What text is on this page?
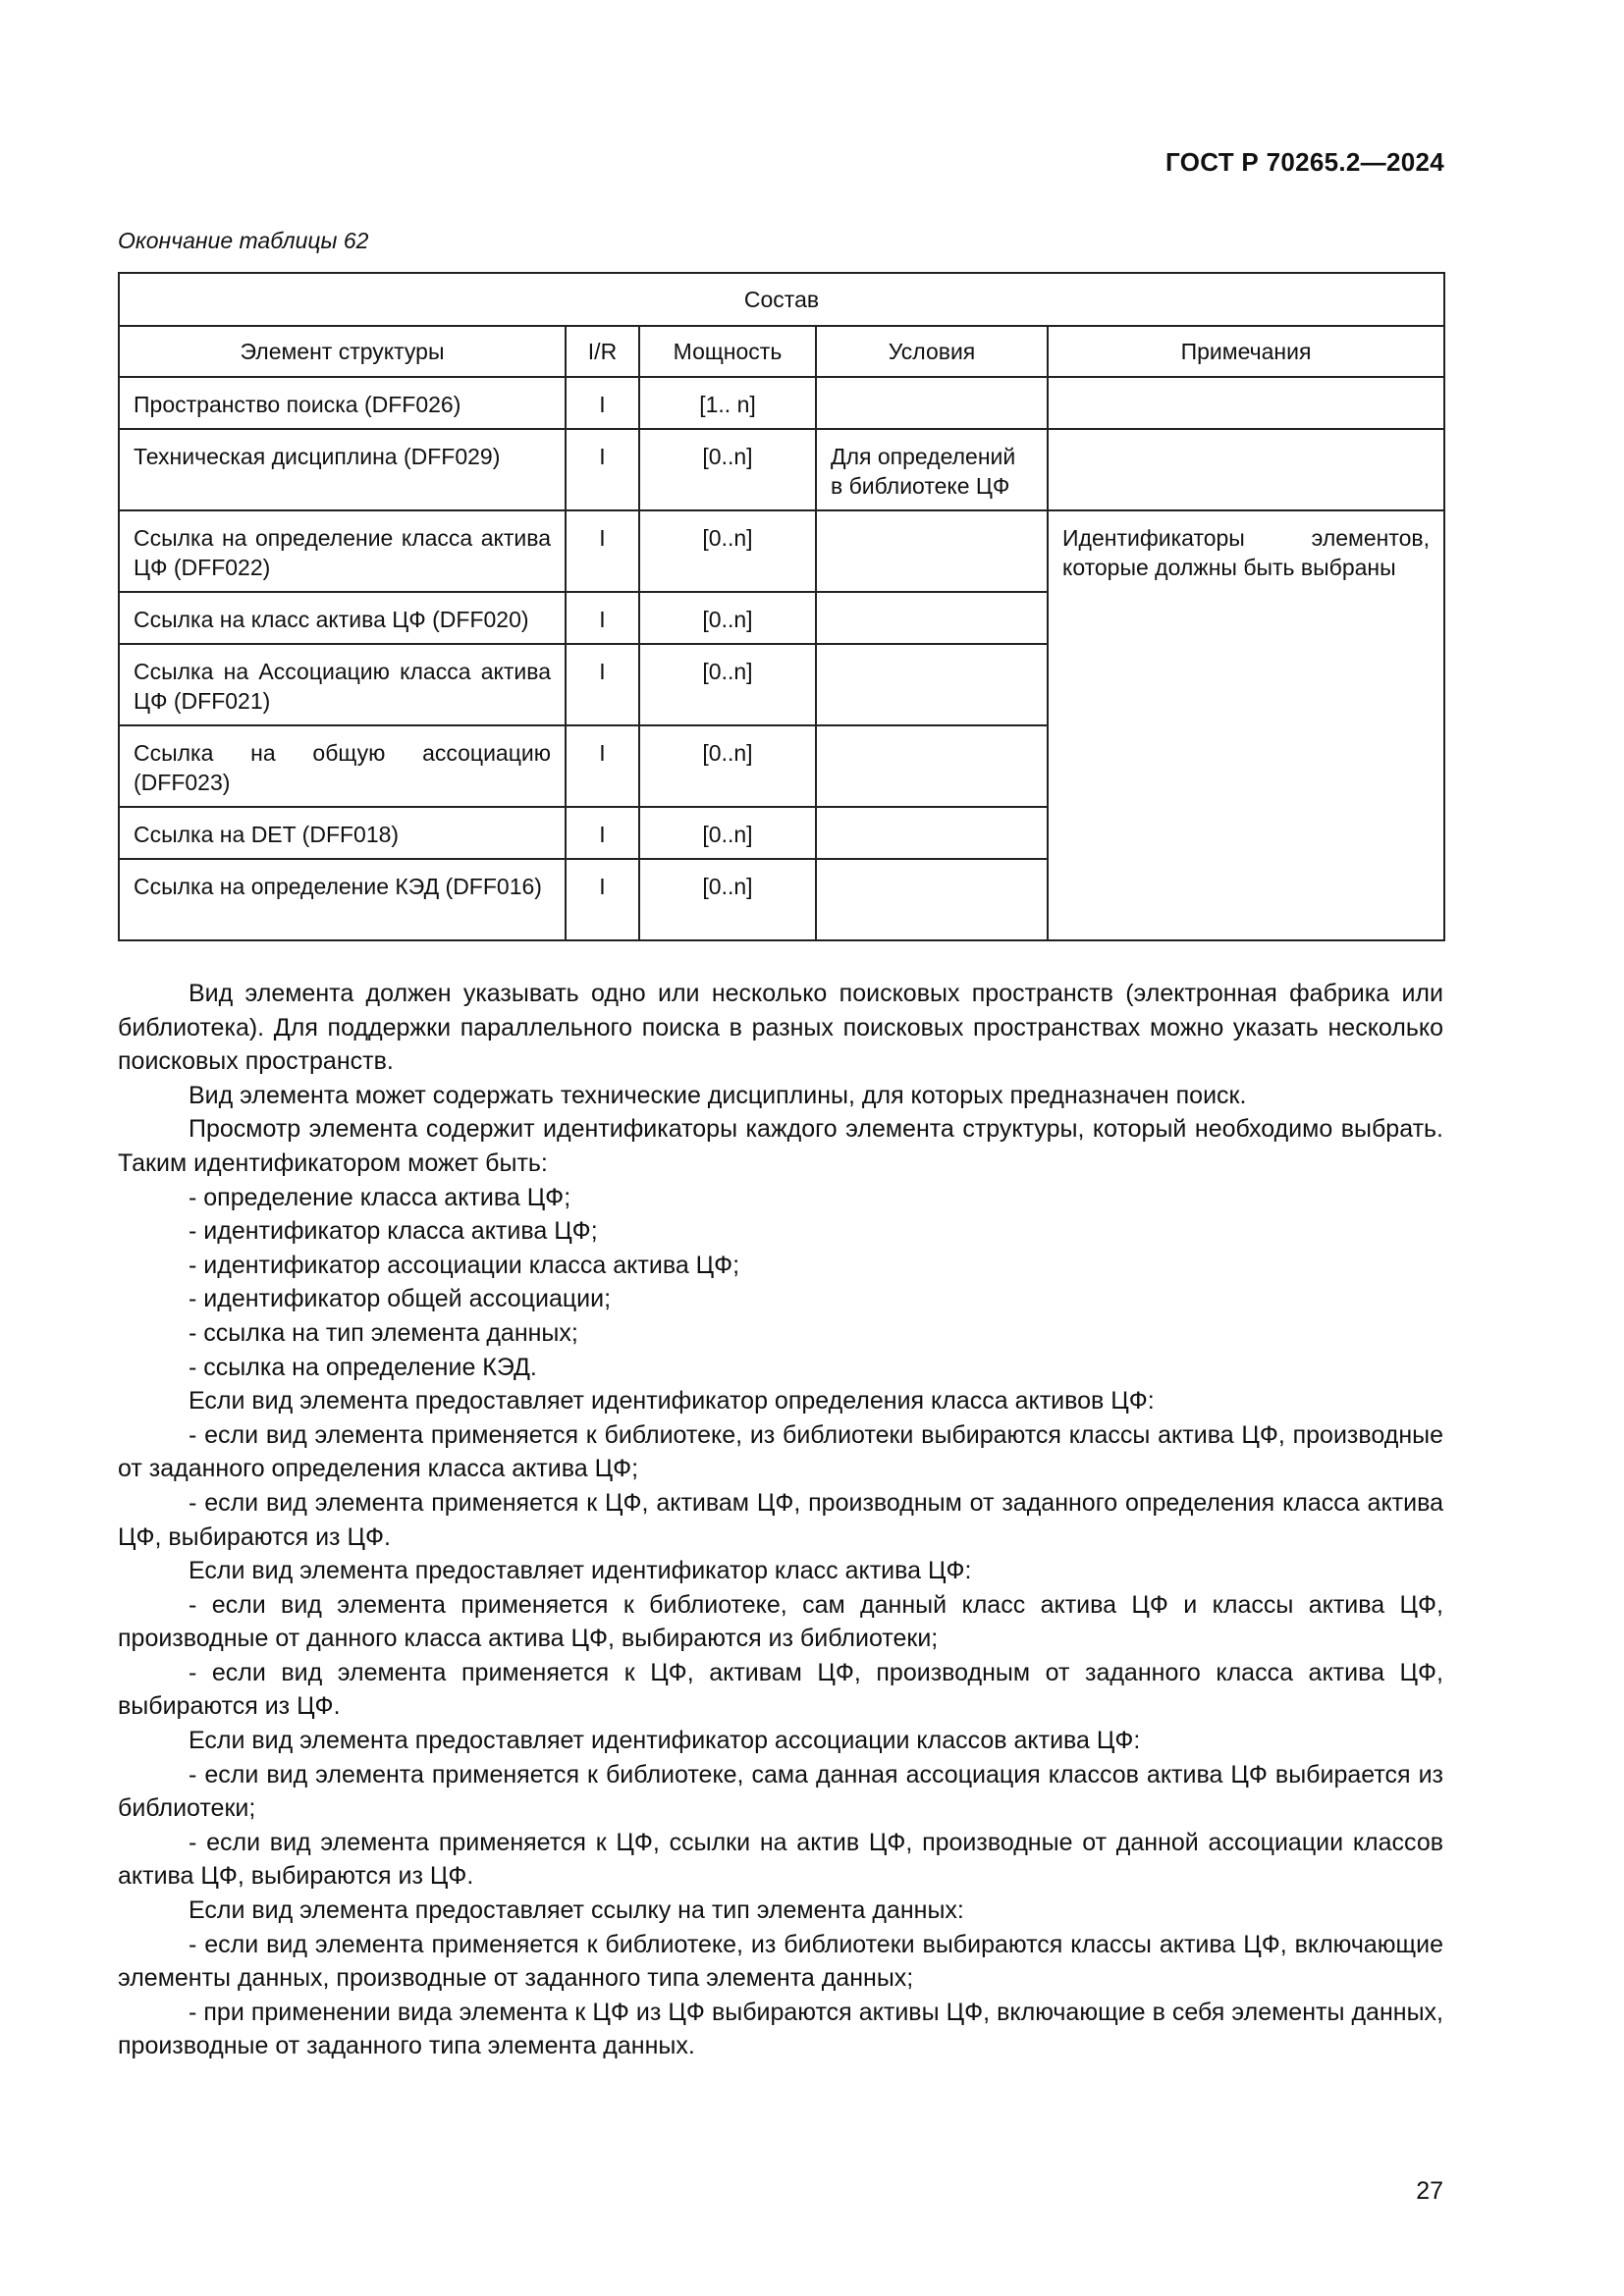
ГОСТ Р 70265.2—2024
Окончание таблицы 62
Состав				
Элемент структуры	I/R	Мощность	Условия	Примечания
Пространство поиска (DFF026)	I	[1.. n]		
Техническая дисциплина (DFF029)	I	[0..n]	Для определений в библиотеке ЦФ	
Ссылка на определение класса актива ЦФ (DFF022)	I	[0..n]		Идентификаторы элементов, которые должны быть выбраны
Ссылка на класс актива ЦФ (DFF020)	I	[0..n]		
Ссылка на Ассоциацию класса актива ЦФ (DFF021)	I	[0..n]		
Ссылка на общую ассоциацию (DFF023)	I	[0..n]		
Ссылка на DET (DFF018)	I	[0..n]		
Ссылка на определение КЭД (DFF016)	I	[0..n]		

Вид элемента должен указывать одно или несколько поисковых пространств (электронная фабрика или библиотека). Для поддержки параллельного поиска в разных поисковых пространствах можно указать несколько поисковых пространств.

Вид элемента может содержать технические дисциплины, для которых предназначен поиск.

Просмотр элемента содержит идентификаторы каждого элемента структуры, который необходимо выбрать. Таким идентификатором может быть:

- определение класса актива ЦФ;

- идентификатор класса актива ЦФ;

- идентификатор ассоциации класса актива ЦФ;

- идентификатор общей ассоциации;

- ссылка на тип элемента данных;

- ссылка на определение КЭД.

Если вид элемента предоставляет идентификатор определения класса активов ЦФ:

- если вид элемента применяется к библиотеке, из библиотеки выбираются классы актива ЦФ, производные от заданного определения класса актива ЦФ;

- если вид элемента применяется к ЦФ, активам ЦФ, производным от заданного определения класса актива ЦФ, выбираются из ЦФ.

Если вид элемента предоставляет идентификатор класс актива ЦФ:

- если вид элемента применяется к библиотеке, сам данный класс актива ЦФ и классы актива ЦФ, производные от данного класса актива ЦФ, выбираются из библиотеки;

- если вид элемента применяется к ЦФ, активам ЦФ, производным от заданного класса актива ЦФ, выбираются из ЦФ.

Если вид элемента предоставляет идентификатор ассоциации классов актива ЦФ:

- если вид элемента применяется к библиотеке, сама данная ассоциация классов актива ЦФ выбирается из библиотеки;

- если вид элемента применяется к ЦФ, ссылки на актив ЦФ, производные от данной ассоциации классов актива ЦФ, выбираются из ЦФ.

Если вид элемента предоставляет ссылку на тип элемента данных:

- если вид элемента применяется к библиотеке, из библиотеки выбираются классы актива ЦФ, включающие элементы данных, производные от заданного типа элемента данных;

- при применении вида элемента к ЦФ из ЦФ выбираются активы ЦФ, включающие в себя элементы данных, производные от заданного типа элемента данных.

27
